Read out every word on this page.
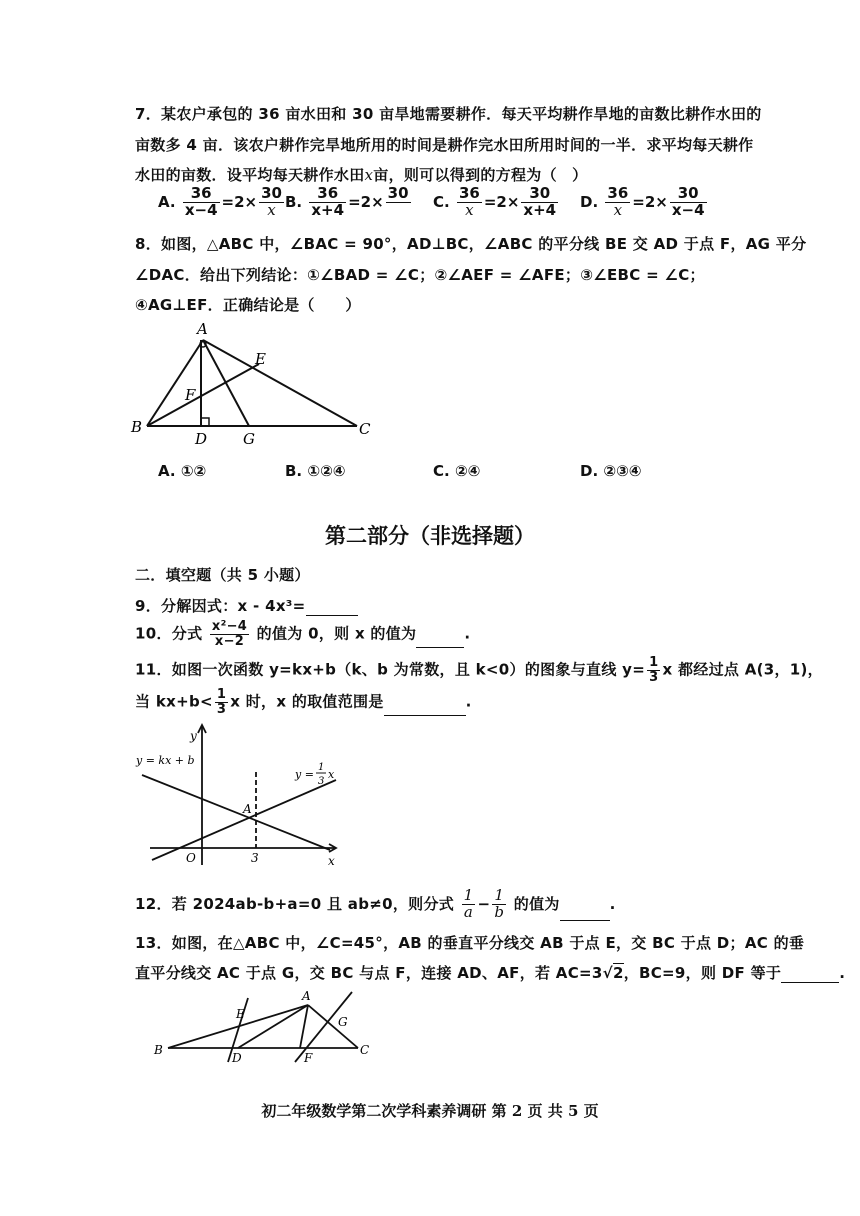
7．某农户承包的 36 亩水田和 30 亩旱地需要耕作．每天平均耕作旱地的亩数比耕作水田的
亩数多 4 亩．该农户耕作完旱地所用的时间是耕作完水田所用时间的一半．求平均每天耕作
水田的亩数．设平均每天耕作水田x亩，则可以得到的方程为（　）
A. $\frac{36}{x-4} =2\times \frac{30}{x} B$. $\frac{36}{x+4} =2\times 30$
C. $\frac{36}{x} =2\times \frac{30}{x+4} D$. $\frac{36}{x} =2\times \frac{30}{x-4}$
8．如图，△ABC 中，∠BAC = 90°，AD⊥BC，∠ABC 的平分线 BE 交 AD 于点 F，AG 平分
∠DAC．给出下列结论：①∠BAD = ∠C；②∠AEF = ∠AFE；③∠EBC = ∠C；
④AG⊥EF．正确结论是（　　）
A
B	C
D
E
F
G
A. ①②	B. ①②④	C. ②④	D. ②③④
第二部分（非选择题）
二．填空题（共 5 小题）
9．分解因式：x - 4x³=
10．分式 $\frac{\text{x²−4}}{x-2}$ 的值为 0，则 x 的值为	.
11．如图一次函数 y=kx+b（k、b 为常数，且 k<0）的图象与直线 $y= \frac{1}{3}$ x 都经过点 A(3，1)，
当 $kx+b< \frac{1}{3}$ x 时，x 的取值范围是	.
y
x
O
y = kx + b
y =
1
3
x
A
3
12．若 2024ab-b+a=0 且 ab≠0，则分式 $\frac{1}{a} - \frac{1}{b}$ 的值为	.
13．如图，在△ABC 中，∠C=45°，AB 的垂直平分线交 AB 于点 E，交 BC 于点 D；AC 的垂
直平分线交 AC 于点 G，交 BC 与点 F，连接 AD、AF，若 AC=3√2，BC=9，则 DF 等于	.
A
B	C
D
E
F
G
初二年级数学第二次学科素养调研 第 2 页 共 5 页
